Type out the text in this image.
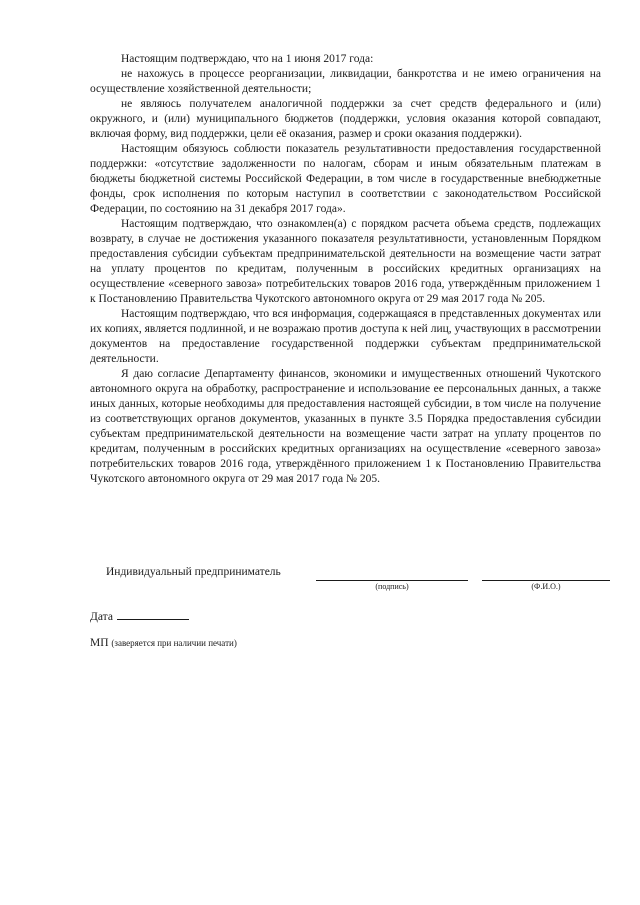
Настоящим подтверждаю, что на 1 июня 2017 года:

не нахожусь в процессе реорганизации, ликвидации, банкротства и не имею ограничения на осуществление хозяйственной деятельности;

не являюсь получателем аналогичной поддержки за счет средств федерального и (или) окружного, и (или) муниципального бюджетов (поддержки, условия оказания которой совпадают, включая форму, вид поддержки, цели её оказания, размер и сроки оказания поддержки).

Настоящим обязуюсь соблюсти показатель результативности предоставления государственной поддержки: «отсутствие задолженности по налогам, сборам и иным обязательным платежам в бюджеты бюджетной системы Российской Федерации, в том числе в государственные внебюджетные фонды, срок исполнения по которым наступил в соответствии с законодательством Российской Федерации, по состоянию на 31 декабря 2017 года».

Настоящим подтверждаю, что ознакомлен(а) с порядком расчета объема средств, подлежащих возврату, в случае не достижения указанного показателя результативности, установленным Порядком предоставления субсидии субъектам предпринимательской деятельности на возмещение части затрат на уплату процентов по кредитам, полученным в российских кредитных организациях на осуществление «северного завоза» потребительских товаров 2016 года, утверждённым приложением 1 к Постановлению Правительства Чукотского автономного округа от 29 мая 2017 года № 205.

Настоящим подтверждаю, что вся информация, содержащаяся в представленных документах или их копиях, является подлинной, и не возражаю против доступа к ней лиц, участвующих в рассмотрении документов на предоставление государственной поддержки субъектам предпринимательской деятельности.

Я даю согласие Департаменту финансов, экономики и имущественных отношений Чукотского автономного округа на обработку, распространение и использование ее персональных данных, а также иных данных, которые необходимы для предоставления настоящей субсидии, в том числе на получение из соответствующих органов документов, указанных в пункте 3.5 Порядка предоставления субсидии субъектам предпринимательской деятельности на возмещение части затрат на уплату процентов по кредитам, полученным в российских кредитных организациях на осуществление «северного завоза» потребительских товаров 2016 года, утверждённого приложением 1 к Постановлению Правительства Чукотского автономного округа от 29 мая 2017 года № 205.

Индивидуальный предприниматель
(подпись)	(Ф.И.О.)
Дата
МП (заверяется при наличии печати)
